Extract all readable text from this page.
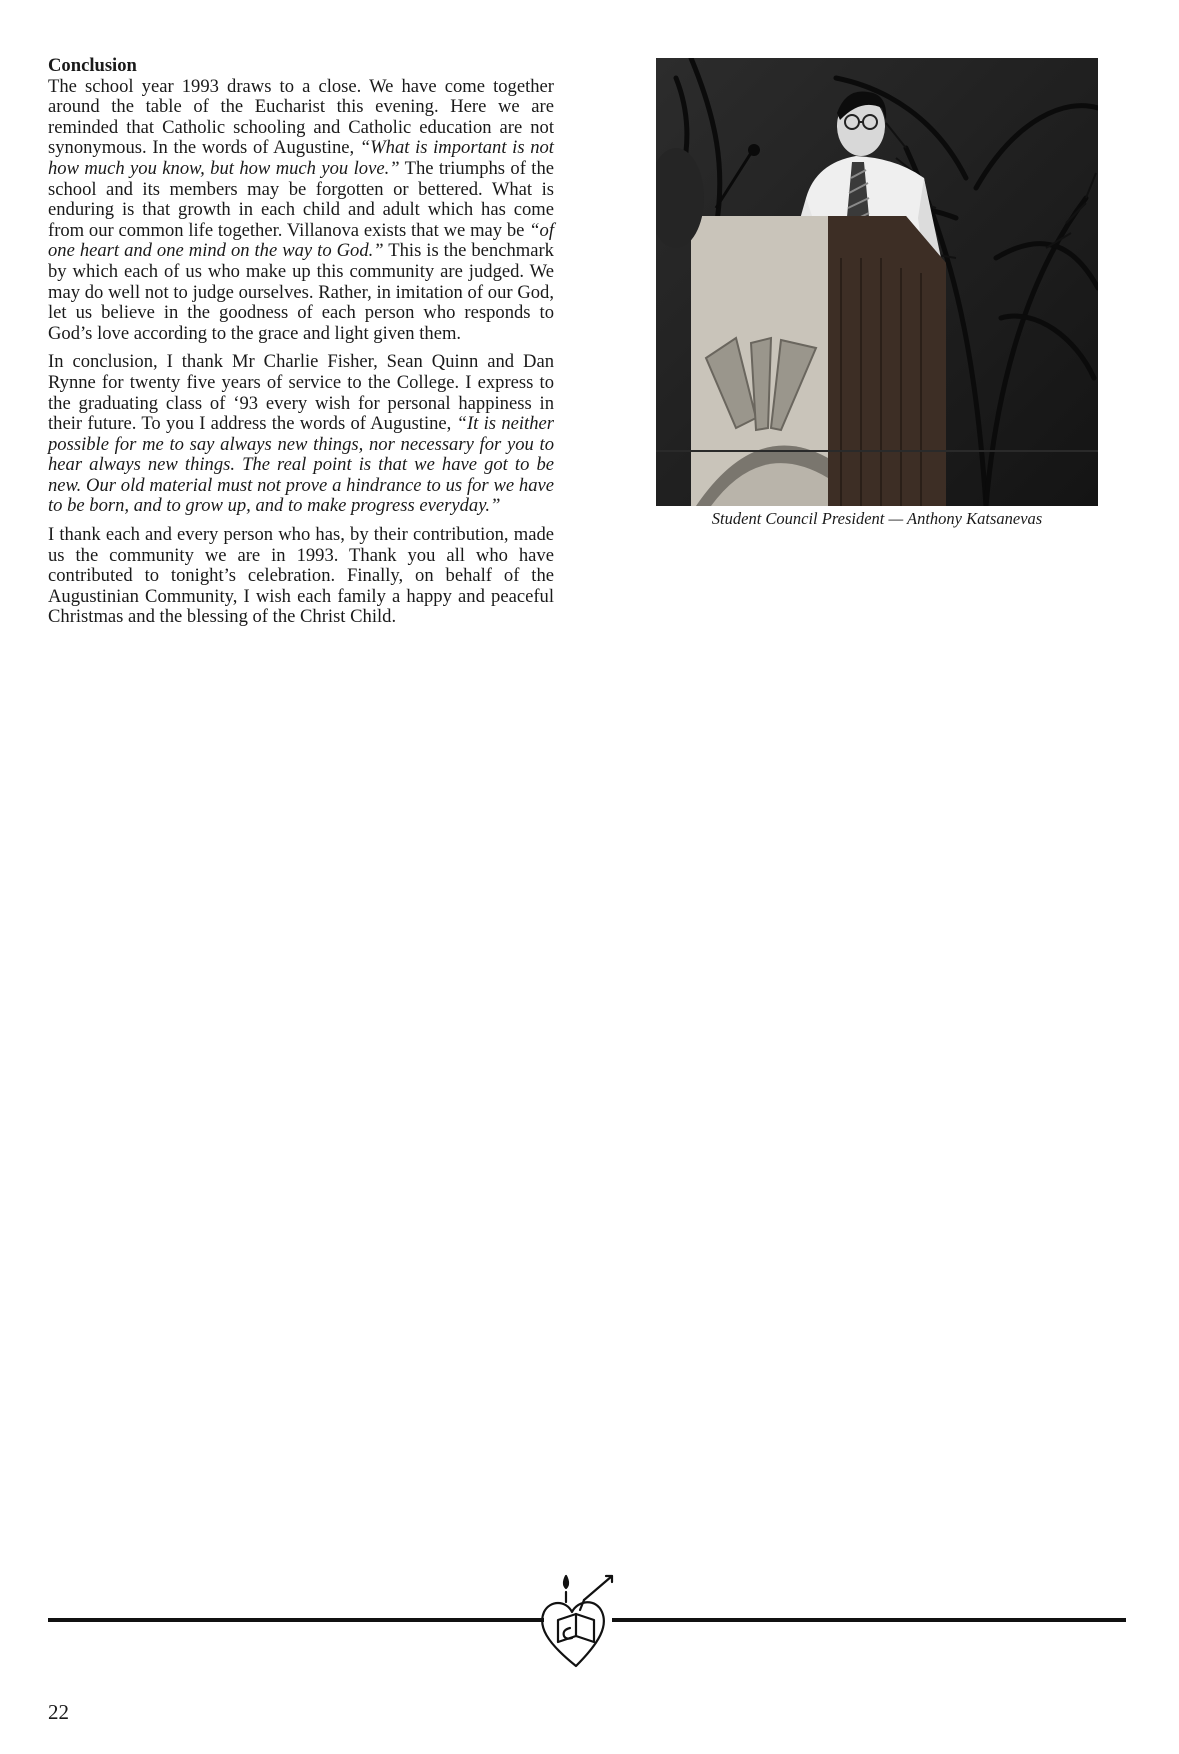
Conclusion
The school year 1993 draws to a close. We have come together around the table of the Eucharist this evening. Here we are reminded that Catholic schooling and Catholic education are not synonymous. In the words of Augustine, “What is important is not how much you know, but how much you love.” The triumphs of the school and its members may be forgotten or bettered. What is enduring is that growth in each child and adult which has come from our common life together. Villanova exists that we may be “of one heart and one mind on the way to God.” This is the benchmark by which each of us who make up this community are judged. We may do well not to judge ourselves. Rather, in imitation of our God, let us believe in the goodness of each person who responds to God’s love according to the grace and light given them.

In conclusion, I thank Mr Charlie Fisher, Sean Quinn and Dan Rynne for twenty five years of service to the College. I express to the graduating class of ‘93 every wish for personal happiness in their future. To you I address the words of Augustine, “It is neither possible for me to say always new things, nor necessary for you to hear always new things. The real point is that we have got to be new. Our old material must not prove a hindrance to us for we have to be born, and to grow up, and to make progress everyday.”

I thank each and every person who has, by their contribution, made us the community we are in 1993. Thank you all who have contributed to tonight’s celebration. Finally, on behalf of the Augustinian Community, I wish each family a happy and peaceful Christmas and the blessing of the Christ Child.

Student Council President — Anthony Katsanevas
22
